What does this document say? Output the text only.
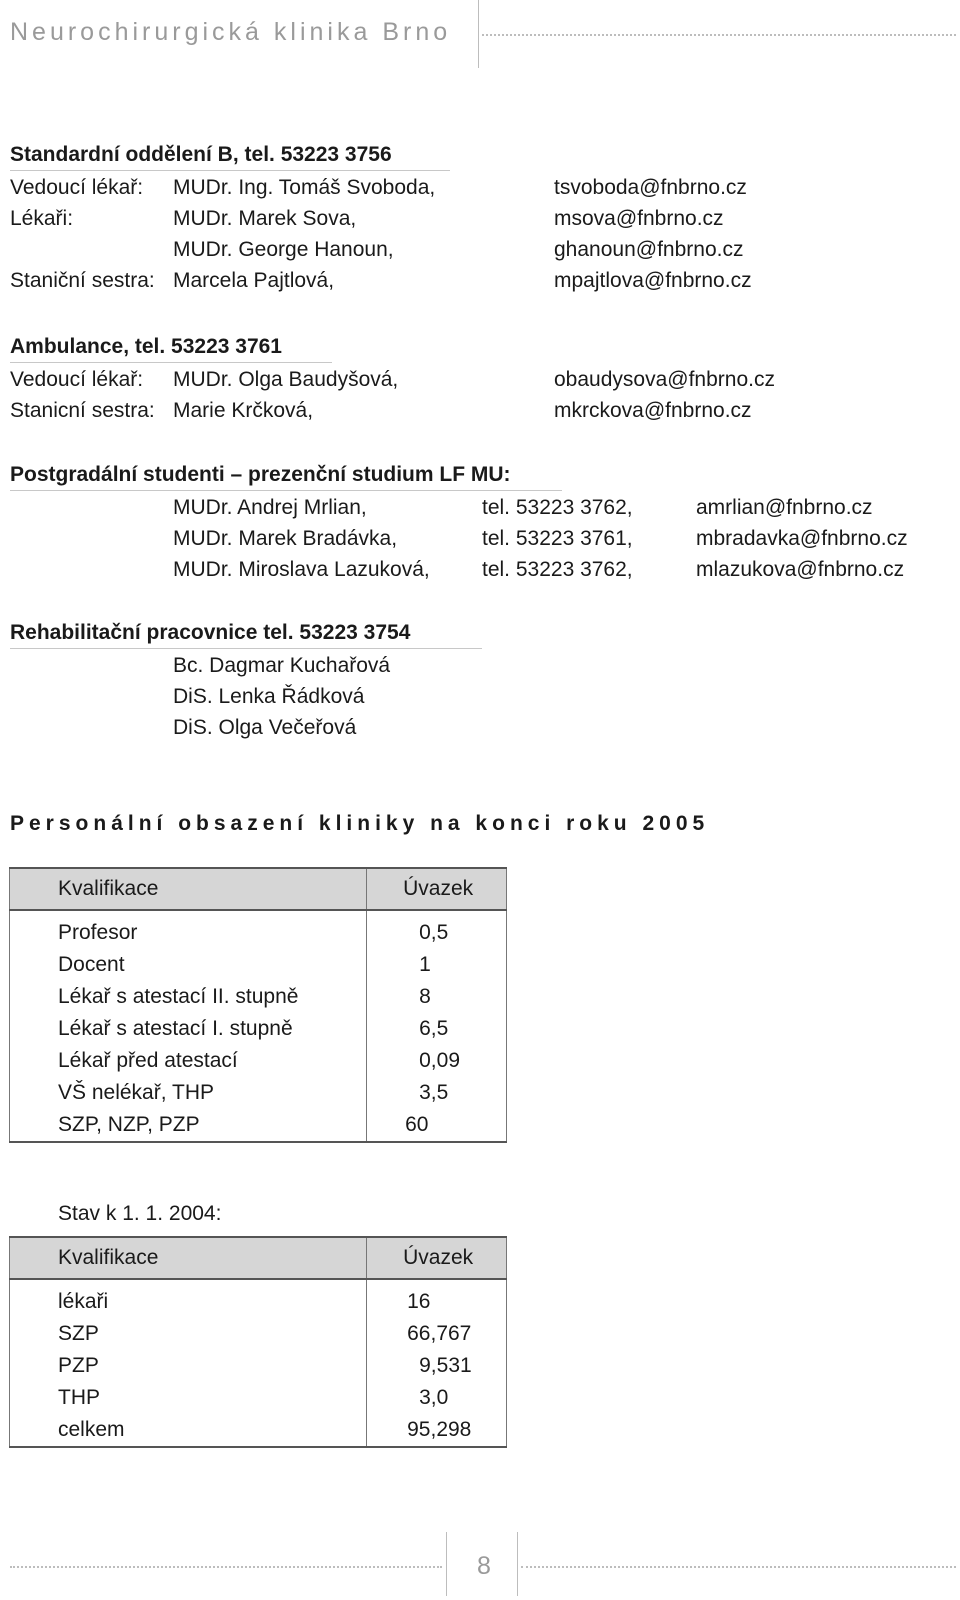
Neurochirurgická klinika Brno
Standardní oddělení B, tel. 53223 3756
Vedoucí lékař: MUDr. Ing. Tomáš Svoboda,	tsvoboda@fnbrno.cz
Lékaři:	MUDr. Marek Sova,	msova@fnbrno.cz
MUDr. George Hanoun,	ghanoun@fnbrno.cz
Staniční sestra: Marcela Pajtlová,	mpajtlova@fnbrno.cz
Ambulance, tel. 53223 3761
Vedoucí lékař: MUDr. Olga Baudyšová,	obaudysova@fnbrno.cz
Stanicní sestra: Marie Krčková,	mkrckova@fnbrno.cz
Postgradální studenti – prezenční studium LF MU:
MUDr. Andrej Mrlian,	tel. 53223 3762,	amrlian@fnbrno.cz
MUDr. Marek Bradávka,	tel. 53223 3761,	mbradavka@fnbrno.cz
MUDr. Miroslava Lazuková, tel. 53223 3762,	mlazukova@fnbrno.cz
Rehabilitační pracovnice tel. 53223 3754
Bc. Dagmar Kuchařová
DiS. Lenka Řádková
DiS. Olga Večeřová
Personální obsazení kliniky na konci roku 2005
Kvalifikace	Úvazek
Profesor	0,5
Docent	1
Lékař s atestací II. stupně	8
Lékař s atestací I. stupně	6,5
Lékař před atestací	0,09
VŠ nelékař, THP	3,5
SZP, NZP, PZP	60
Stav k 1. 1. 2004:
Kvalifikace	Úvazek
lékaři	16
SZP	66,767
PZP	9,531
THP	3,0
celkem	95,298
8
